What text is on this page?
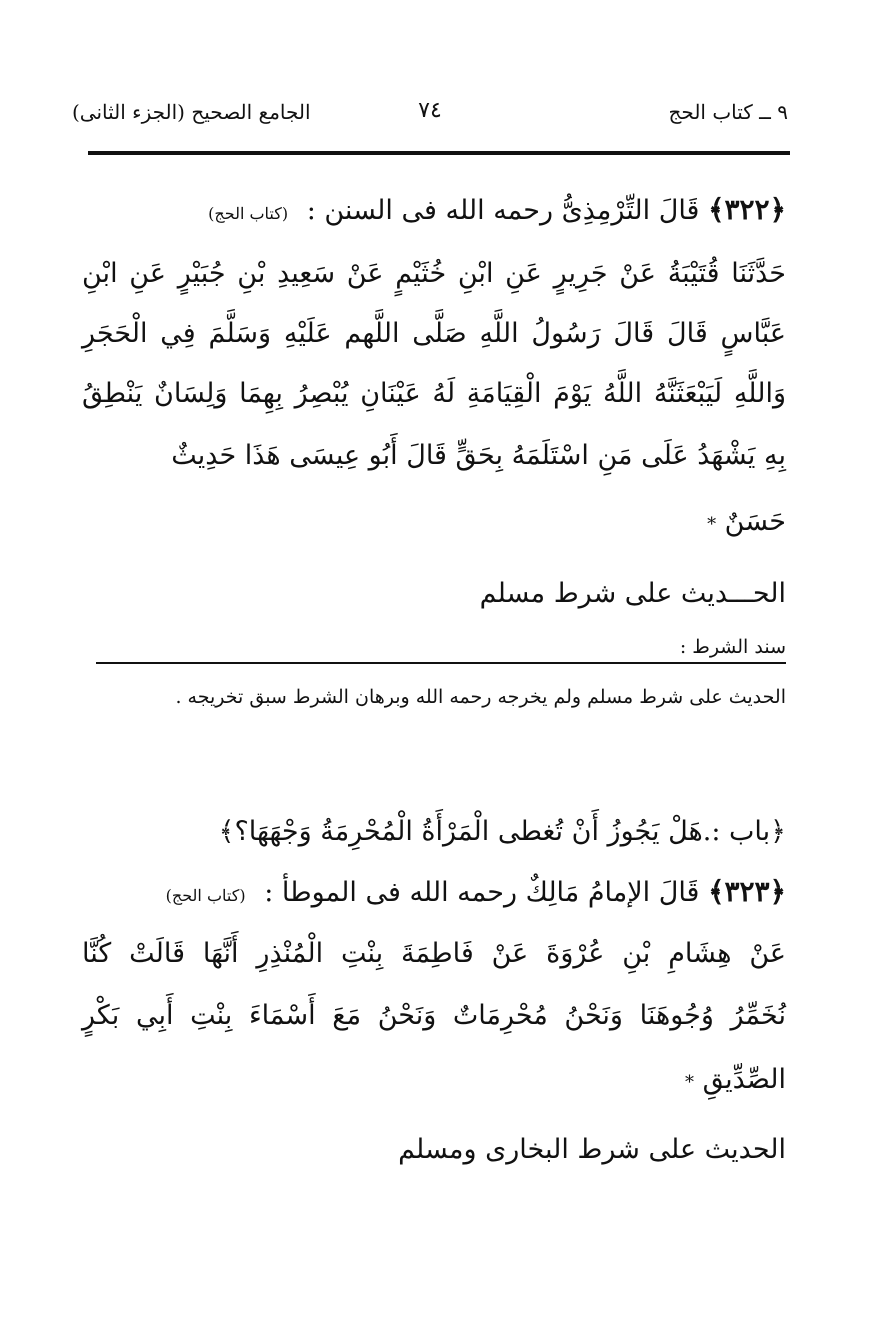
٩ ــ كتاب الحج
٧٤
الجامع الصحيح (الجزء الثانى)
﴿٣٢٢﴾ قَالَ التِّرْمِذِىُّ رحمه الله فى السنن : (كتاب الحج)
حَدَّثَنَا قُتَيْبَةُ عَنْ جَرِيرٍ عَنِ ابْنِ خُثَيْمٍ عَنْ سَعِيدِ بْنِ جُبَيْرٍ عَنِ ابْنِ
عَبَّاسٍ قَالَ قَالَ رَسُولُ اللَّهِ صَلَّى اللَّهم عَلَيْهِ وَسَلَّمَ فِي الْحَجَرِ
وَاللَّهِ لَيَبْعَثَنَّهُ اللَّهُ يَوْمَ الْقِيَامَةِ لَهُ عَيْنَانِ يُبْصِرُ بِهِمَا وَلِسَانٌ يَنْطِقُ
بِهِ يَشْهَدُ عَلَى مَنِ اسْتَلَمَهُ بِحَقٍّ قَالَ أَبُو عِيسَى هَذَا حَدِيثٌ
حَسَنٌ *
الحـــديث على شرط مسلم
سند الشرط :
الحديث على شرط مسلم ولم يخرجه رحمه الله وبرهان الشرط سبق تخريجه .
﴿باب :.هَلْ يَجُوزُ أَنْ تُغطى الْمَرْأَةُ الْمُحْرِمَةُ وَجْهَهَا؟﴾
﴿٣٢٣﴾ قَالَ الإمامُ مَالِكٌ رحمه الله فى الموطأ : (كتاب الحج)
عَنْ هِشَامِ بْنِ عُرْوَةَ عَنْ فَاطِمَةَ بِنْتِ الْمُنْذِرِ أَنَّهَا قَالَتْ كُنَّا
نُخَمِّرُ وُجُوهَنَا وَنَحْنُ مُحْرِمَاتٌ وَنَحْنُ مَعَ أَسْمَاءَ بِنْتِ أَبِي بَكْرٍ
الصِّدِّيقِ *
الحديث على شرط البخارى ومسلم
